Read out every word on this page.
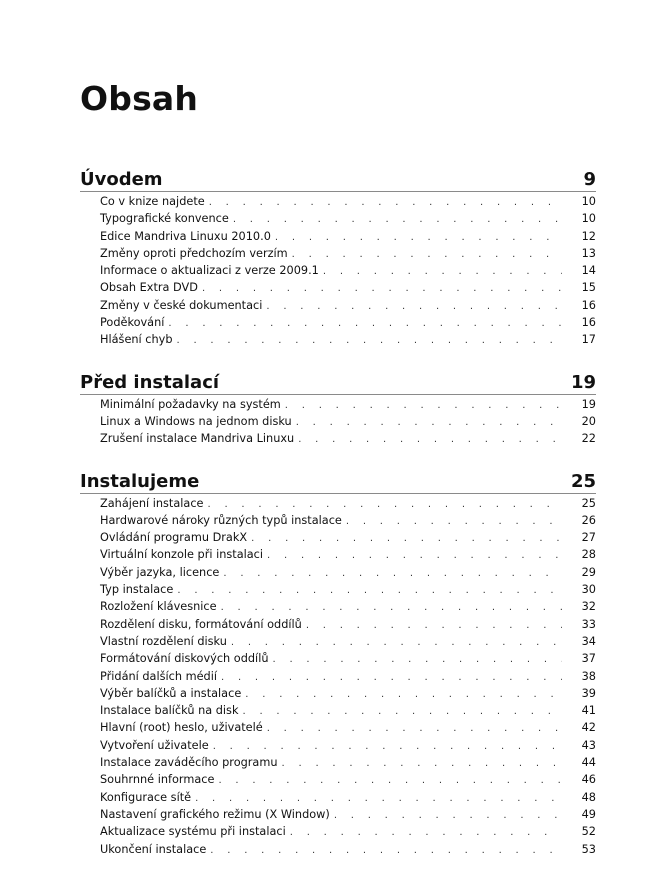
Obsah
Úvodem	9
Co v knize najdete . . .	10
Typografické konvence . . .	10
Edice Mandriva Linuxu 2010.0 . . .	12
Změny oproti předchozím verzím . . .	13
Informace o aktualizaci z verze 2009.1 . . .	14
Obsah Extra DVD . . .	15
Změny v české dokumentaci . . .	16
Poděkování . . .	16
Hlášení chyb . . .	17
Před instalací	19
Minimální požadavky na systém . . .	19
Linux a Windows na jednom disku . . .	20
Zrušení instalace Mandriva Linuxu . . .	22
Instalujeme	25
Zahájení instalace . . .	25
Hardwarové nároky různých typů instalace . . .	26
Ovládání programu DrakX . . .	27
Virtuální konzole při instalaci . . .	28
Výběr jazyka, licence . . .	29
Typ instalace . . .	30
Rozložení klávesnice . . .	32
Rozdělení disku, formátování oddílů . . .	33
Vlastní rozdělení disku . . .	34
Formátování diskových oddílů . . .	37
Přidání dalších médií . . .	38
Výběr balíčků a instalace . . .	39
Instalace balíčků na disk . . .	41
Hlavní (root) heslo, uživatelé . . .	42
Vytvoření uživatele . . .	43
Instalace zaváděcího programu . . .	44
Souhrnné informace . . .	46
Konfigurace sítě . . .	48
Nastavení grafického režimu (X Window) . . .	49
Aktualizace systému při instalaci . . .	52
Ukončení instalace . . .	53
